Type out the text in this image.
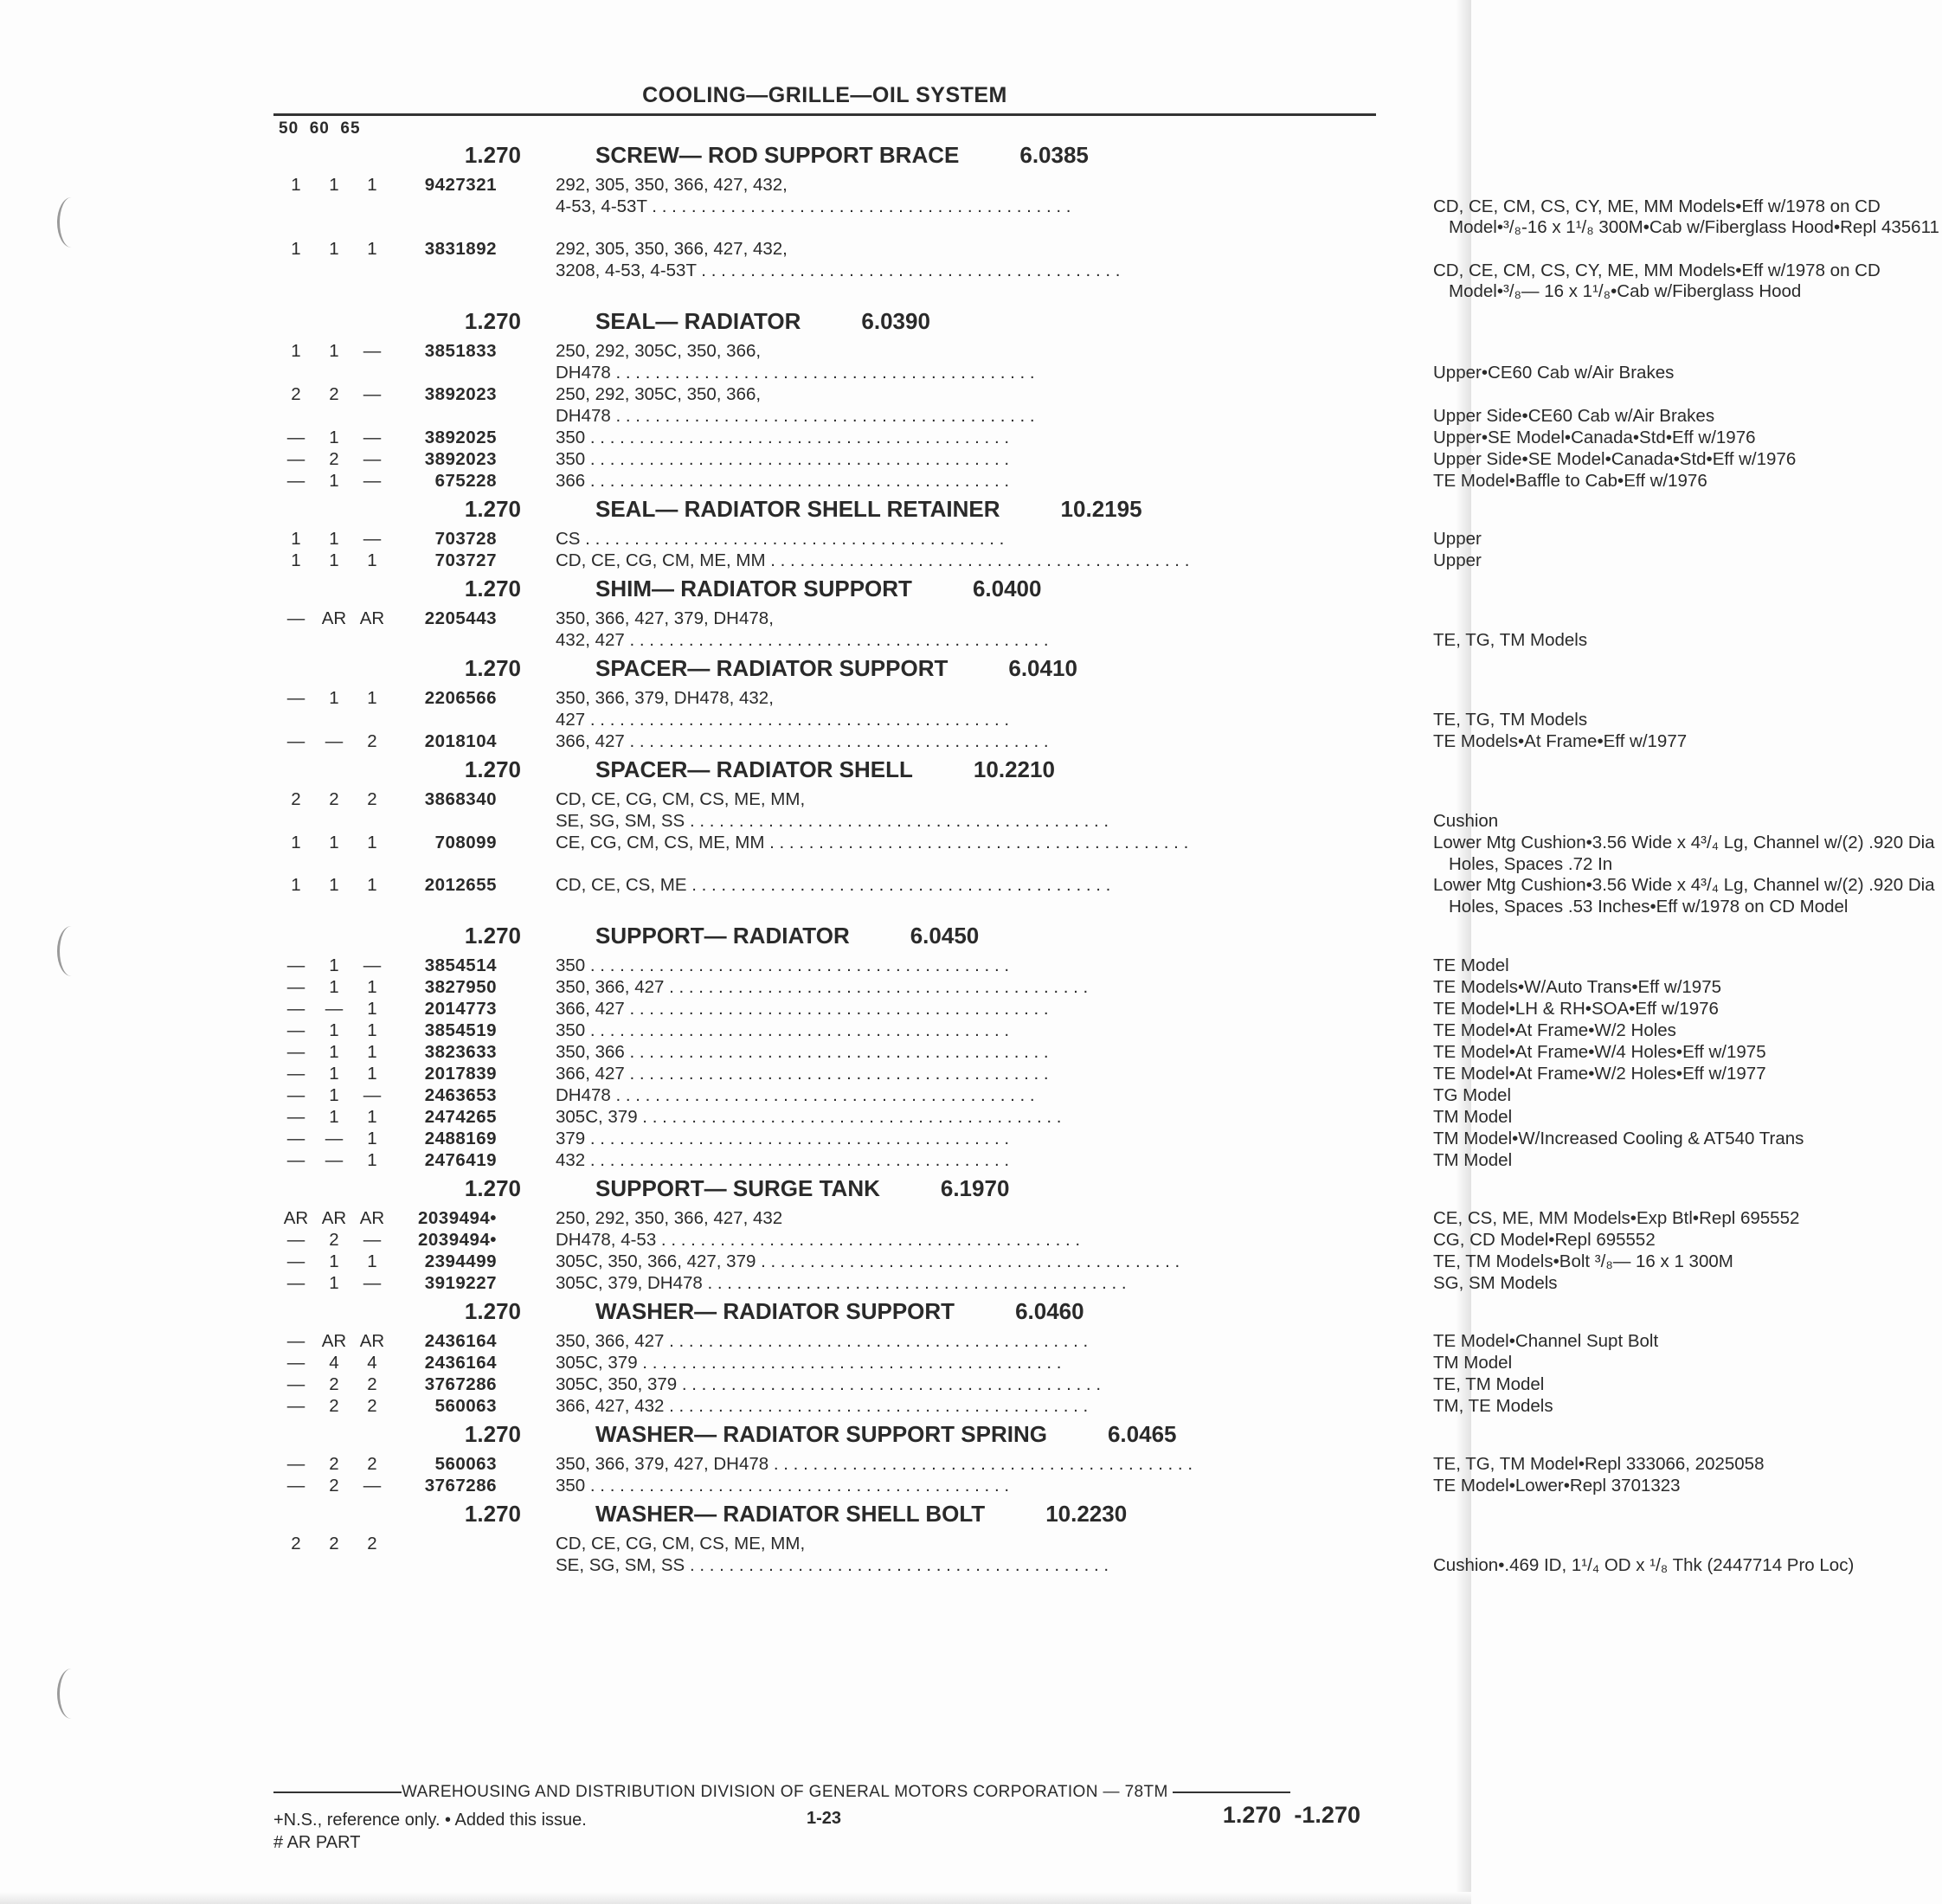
COOLING—GRILLE—OIL SYSTEM
50  60  65
1.270	SCREW— ROD SUPPORT BRACE	6.0385
1	1	1	9427321	292, 305, 350, 366, 427, 432,
4-53, 4-53T . . .	CD, CE, CM, CS, CY, ME, MM Models•Eff w/1978 on CD Model•³/₈-16 x 1¹/₈ 300M•Cab w/Fiberglass Hood•Repl 435611
1	1	1	3831892	292, 305, 350, 366, 427, 432,
3208, 4-53, 4-53T . . .	CD, CE, CM, CS, CY, ME, MM Models•Eff w/1978 on CD Model•³/₈— 16 x 1¹/₈•Cab w/Fiberglass Hood
1.270	SEAL— RADIATOR	6.0390
1	1	—	3851833	250, 292, 305C, 350, 366,
DH478 . . .	Upper•CE60 Cab w/Air Brakes
2	2	—	3892023	250, 292, 305C, 350, 366,
DH478 . . .	Upper Side•CE60 Cab w/Air Brakes
—	1	—	3892025	350 . . .	Upper•SE Model•Canada•Std•Eff w/1976
—	2	—	3892023	350 . . .	Upper Side•SE Model•Canada•Std•Eff w/1976
—	1	—	675228	366 . . .	TE Model•Baffle to Cab•Eff w/1976
1.270	SEAL— RADIATOR SHELL RETAINER	10.2195
1	1	—	703728	CS . . .	Upper
1	1	1	703727	CD, CE, CG, CM, ME, MM . . .	Upper
1.270	SHIM— RADIATOR SUPPORT	6.0400
— AR AR 2205443	350, 366, 427, 379, DH478,
432, 427 . . .	TE, TG, TM Models
1.270	SPACER— RADIATOR SUPPORT	6.0410
—	1	1	2206566	350, 366, 379, DH478, 432,
427 . . .	TE, TG, TM Models
—	—	2	2018104	366, 427 . . .	TE Models•At Frame•Eff w/1977
1.270	SPACER— RADIATOR SHELL	10.2210
2	2	2	3868340	CD, CE, CG, CM, CS, ME, MM,
SE, SG, SM, SS . . .	Cushion
1	1	1	708099	CE, CG, CM, CS, ME, MM . . .	Lower Mtg Cushion•3.56 Wide x 4³/₄ Lg, Channel w/(2) .920 Dia Holes, Spaces .72 In
1	1	1	2012655	CD, CE, CS, ME . . .	Lower Mtg Cushion•3.56 Wide x 4³/₄ Lg, Channel w/(2) .920 Dia Holes, Spaces .53 Inches•Eff w/1978 on CD Model
1.270	SUPPORT— RADIATOR	6.0450
—	1	—	3854514	350 . . .	TE Model
—	1	1	3827950	350, 366, 427 . . .	TE Models•W/Auto Trans•Eff w/1975
—	—	1	2014773	366, 427 . . .	TE Model•LH & RH•SOA•Eff w/1976
—	1	1	3854519	350 . . .	TE Model•At Frame•W/2 Holes
—	1	1	3823633	350, 366 . . .	TE Model•At Frame•W/4 Holes•Eff w/1975
—	1	1	2017839	366, 427 . . .	TE Model•At Frame•W/2 Holes•Eff w/1977
—	1	—	2463653	DH478 . . .	TG Model
—	1	1	2474265	305C, 379 . . .	TM Model
—	—	1	2488169	379 . . .	TM Model•W/Increased Cooling & AT540 Trans
—	—	1	2476419	432 . . .	TM Model
1.270	SUPPORT— SURGE TANK	6.1970
AR AR AR 2039494•	250, 292, 350, 366, 427, 432	CE, CS, ME, MM Models•Exp Btl•Repl 695552
—	2	—	2039494•	DH478, 4-53 . . .	CG, CD Model•Repl 695552
—	1	1	2394499	305C, 350, 366, 427, 379 . . .	TE, TM Models•Bolt ³/₈— 16 x 1 300M
—	1	—	3919227	305C, 379, DH478 . . .	SG, SM Models
1.270	WASHER— RADIATOR SUPPORT	6.0460
— AR AR 2436164	350, 366, 427 . . .	TE Model•Channel Supt Bolt
—	4	4	2436164	305C, 379 . . .	TM Model
—	2	2	3767286	305C, 350, 379 . . .	TE, TM Model
—	2	2	560063	366, 427, 432 . . .	TM, TE Models
1.270	WASHER— RADIATOR SUPPORT SPRING	6.0465
—	2	2	560063	350, 366, 379, 427, DH478 . . .	TE, TG, TM Model•Repl 333066, 2025058
—	2	—	3767286	350 . . .	TE Model•Lower•Repl 3701323
1.270	WASHER— RADIATOR SHELL BOLT	10.2230
2	2	2	CD, CE, CG, CM, CS, ME, MM,
SE, SG, SM, SS . . .	Cushion•.469 ID, 1¹/₄ OD x ¹/₈ Thk (2447714 Pro Loc)
WAREHOUSING AND DISTRIBUTION DIVISION OF GENERAL MOTORS CORPORATION — 78TM
+N.S., reference only. • Added this issue.
# AR PART
1-23	1.270  -1.270
